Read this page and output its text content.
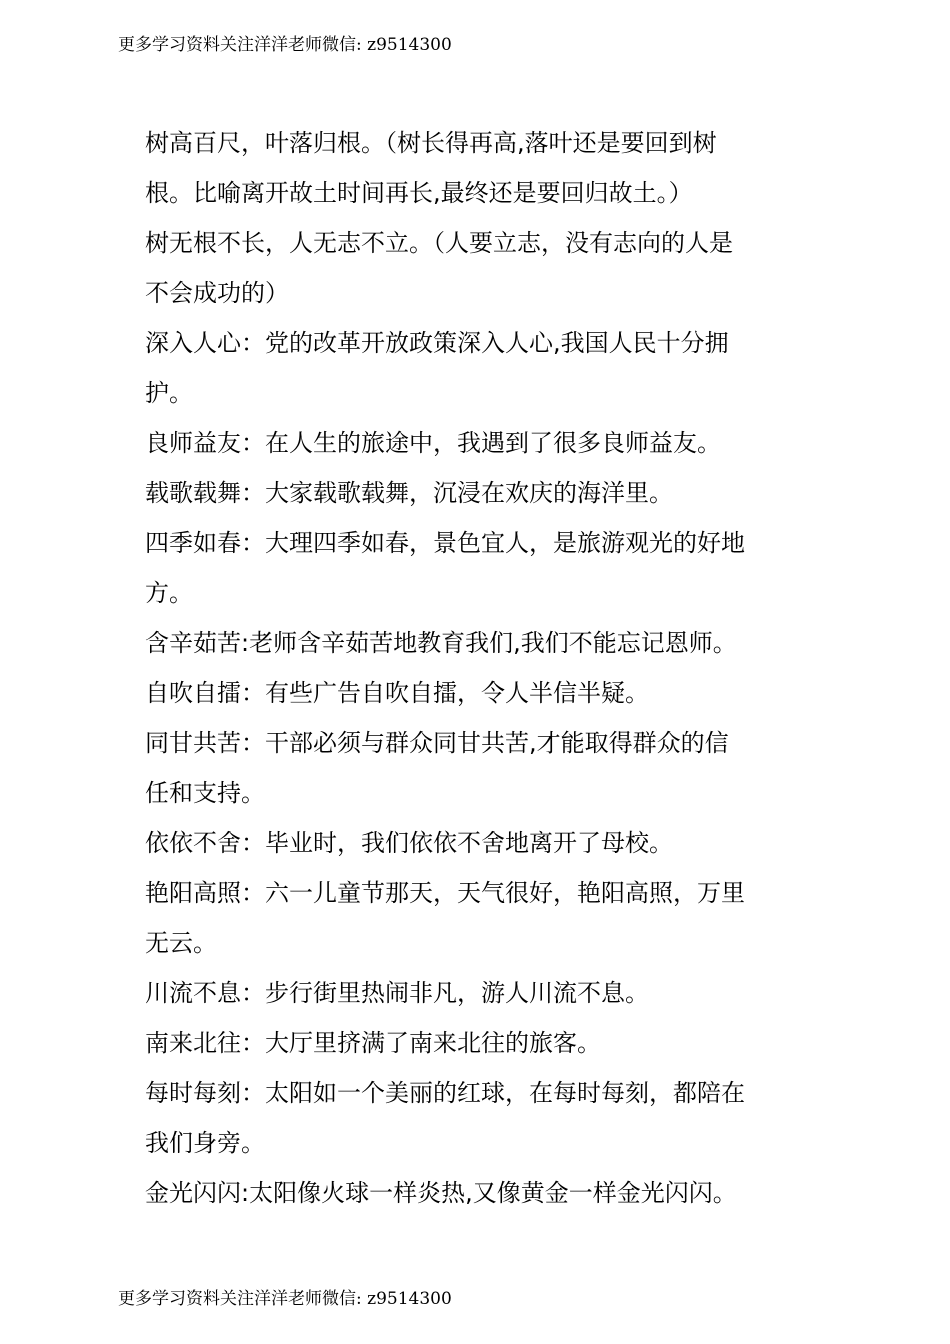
更多学习资料关注洋洋老师微信: z9514300
树高百尺，叶落归根。（树长得再高,落叶还是要回到树
根。比喻离开故土时间再长,最终还是要回归故土。）
树无根不长，人无志不立。（人要立志，没有志向的人是
不会成功的）
深入人心：党的改革开放政策深入人心,我国人民十分拥
护。
良师益友：在人生的旅途中，我遇到了很多良师益友。
载歌载舞：大家载歌载舞，沉浸在欢庆的海洋里。
四季如春：大理四季如春，景色宜人，是旅游观光的好地
方。
含辛茹苦:老师含辛茹苦地教育我们,我们不能忘记恩师。
自吹自擂：有些广告自吹自擂，令人半信半疑。
同甘共苦：干部必须与群众同甘共苦,才能取得群众的信
任和支持。
依依不舍：毕业时，我们依依不舍地离开了母校。
艳阳高照：六一儿童节那天，天气很好，艳阳高照，万里
无云。
川流不息：步行街里热闹非凡，游人川流不息。
南来北往：大厅里挤满了南来北往的旅客。
每时每刻：太阳如一个美丽的红球，在每时每刻，都陪在
我们身旁。
金光闪闪:太阳像火球一样炎热,又像黄金一样金光闪闪。
更多学习资料关注洋洋老师微信: z9514300
